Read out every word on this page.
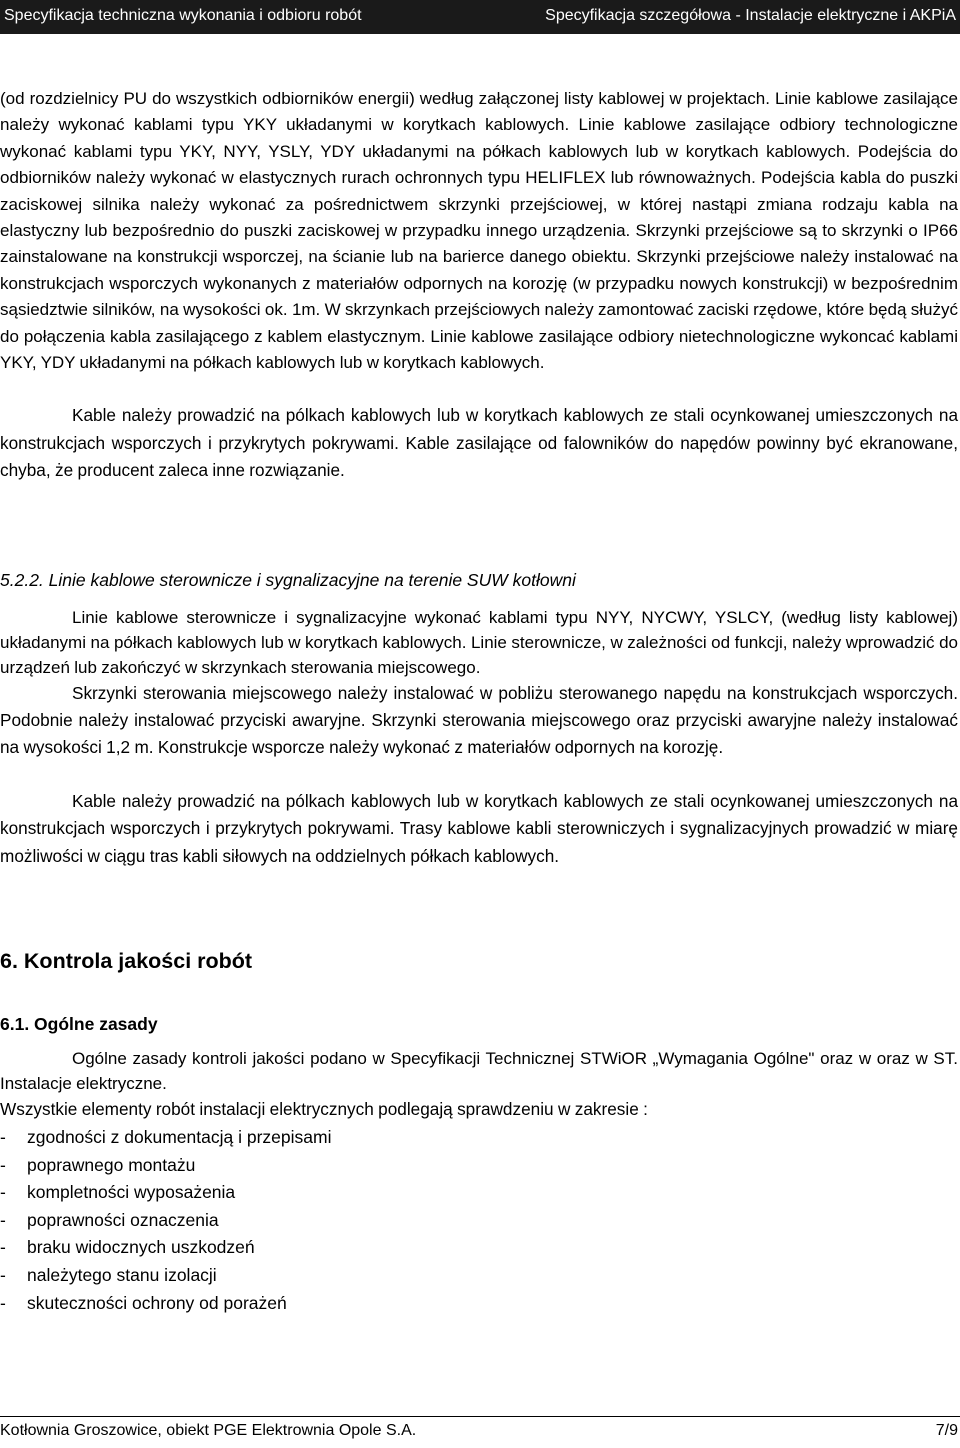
Specyfikacja techniczna wykonania i odbioru robót	Specyfikacja szczegółowa - Instalacje elektryczne i AKPiA

(od rozdzielnicy PU do wszystkich odbiorników energii) według załączonej listy kablowej w projektach. Linie kablowe zasilające należy wykonać kablami typu YKY układanymi w korytkach kablowych. Linie kablowe zasilające odbiory technologiczne wykonać kablami typu YKY, NYY, YSLY, YDY układanymi na półkach kablowych lub w korytkach kablowych. Podejścia do odbiorników należy wykonać w elastycznych rurach ochronnych typu HELIFLEX lub równoważnych. Podejścia kabla do puszki zaciskowej silnika należy wykonać za pośrednictwem skrzynki przejściowej, w której nastąpi zmiana rodzaju kabla na elastyczny lub bezpośrednio do puszki zaciskowej w przypadku innego urządzenia. Skrzynki przejściowe są to skrzynki o IP66 zainstalowane na konstrukcji wsporczej, na ścianie lub na barierce danego obiektu. Skrzynki przejściowe należy instalować na konstrukcjach wsporczych wykonanych z materiałów odpornych na korozję (w przypadku nowych konstrukcji) w bezpośrednim sąsiedztwie silników, na wysokości ok. 1m. W skrzynkach przejściowych należy zamontować zaciski rzędowe, które będą służyć do połączenia kabla zasilającego z kablem elastycznym. Linie kablowe zasilające odbiory nietechnologiczne wykoncać kablami YKY, YDY układanymi na półkach kablowych lub w korytkach kablowych.

Kable należy prowadzić na pólkach kablowych lub w korytkach kablowych ze stali ocynkowanej umieszczonych na konstrukcjach wsporczych i przykrytych pokrywami. Kable zasilające od falowników do napędów powinny być ekranowane, chyba, że producent zaleca inne rozwiązanie.

5.2.2. Linie kablowe sterownicze i sygnalizacyjne na terenie SUW kotłowni

Linie kablowe sterownicze i sygnalizacyjne wykonać kablami typu NYY, NYCWY, YSLCY, (według listy kablowej) układanymi na półkach kablowych lub w korytkach kablowych. Linie sterownicze, w zależności od funkcji, należy wprowadzić do urządzeń lub zakończyć w skrzynkach sterowania miejscowego.

Skrzynki sterowania miejscowego należy instalować w pobliżu sterowanego napędu na konstrukcjach wsporczych. Podobnie należy instalować przyciski awaryjne. Skrzynki sterowania miejscowego oraz przyciski awaryjne należy instalować na wysokości 1,2 m. Konstrukcje wsporcze należy wykonać z materiałów odpornych na korozję.

Kable należy prowadzić na pólkach kablowych lub w korytkach kablowych ze stali ocynkowanej umieszczonych na konstrukcjach wsporczych i przykrytych pokrywami. Trasy kablowe kabli sterowniczych i sygnalizacyjnych prowadzić w miarę możliwości w ciągu tras kabli siłowych na oddzielnych półkach kablowych.

6. Kontrola jakości robót
6.1. Ogólne zasady

Ogólne zasady kontroli jakości podano w Specyfikacji Technicznej STWiOR „Wymagania Ogólne" oraz w oraz w ST. Instalacje elektryczne.

Wszystkie elementy robót instalacji elektrycznych podlegają sprawdzeniu w zakresie :

- zgodności z dokumentacją i przepisami
- poprawnego montażu
- kompletności wyposażenia
- poprawności oznaczenia
- braku widocznych uszkodzeń
- należytego stanu izolacji
- skuteczności ochrony od porażeń
Kotłownia Groszowice, obiekt PGE Elektrownia Opole S.A.	7/9
